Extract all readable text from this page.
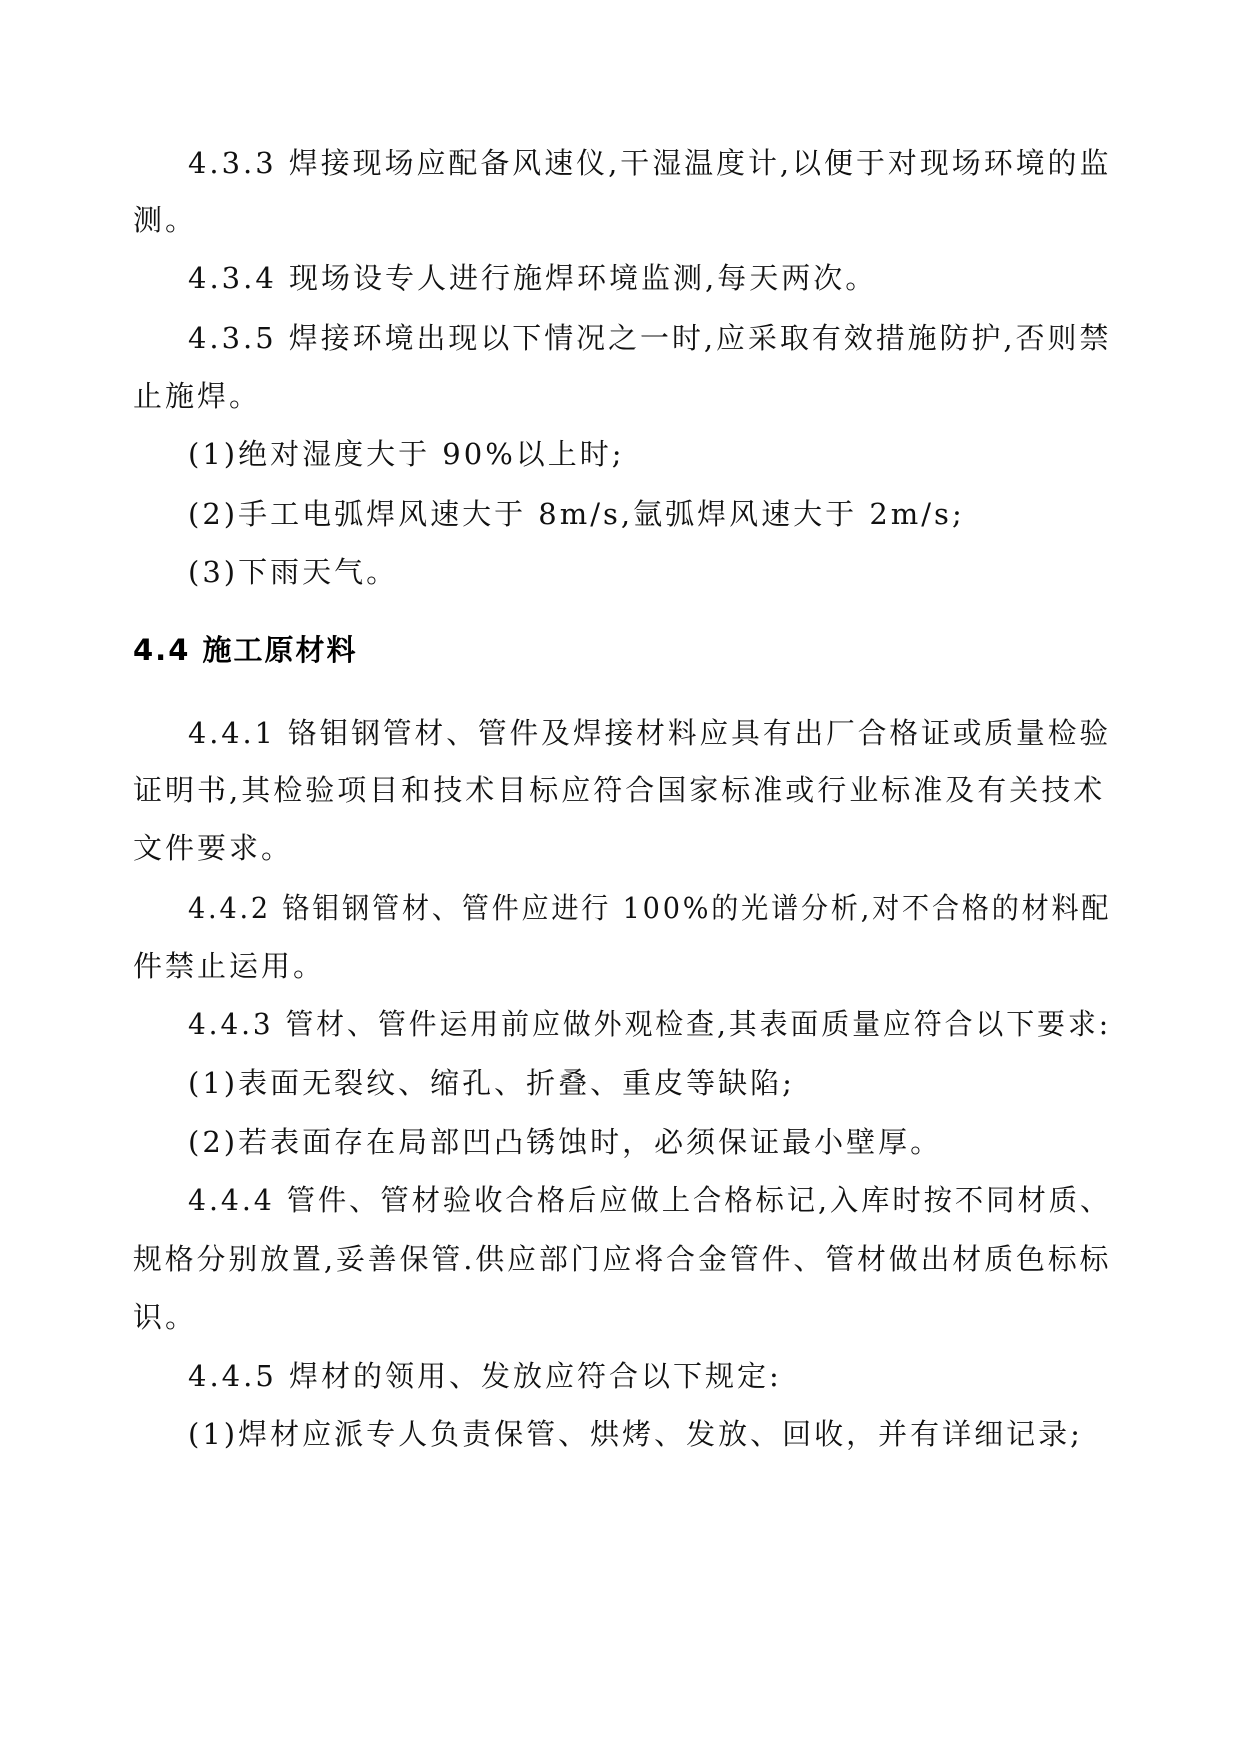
4.3.3 焊接现场应配备风速仪,干湿温度计,以便于对现场环境的监
测。
4.3.4 现场设专人进行施焊环境监测,每天两次。
4.3.5 焊接环境出现以下情况之一时,应采取有效措施防护,否则禁
止施焊。
(1)绝对湿度大于 90%以上时;
(2)手工电弧焊风速大于 8m/s,氩弧焊风速大于 2m/s;
(3)下雨天气。
4.4 施工原材料
4.4.1 铬钼钢管材、管件及焊接材料应具有出厂合格证或质量检验
证明书,其检验项目和技术目标应符合国家标准或行业标准及有关技术
文件要求。
4.4.2 铬钼钢管材、管件应进行 100%的光谱分析,对不合格的材料配
件禁止运用。
4.4.3 管材、管件运用前应做外观检查,其表面质量应符合以下要求:
(1)表面无裂纹、缩孔、折叠、重皮等缺陷;
(2)若表面存在局部凹凸锈蚀时，必须保证最小壁厚。
4.4.4 管件、管材验收合格后应做上合格标记,入库时按不同材质、
规格分别放置,妥善保管.供应部门应将合金管件、管材做出材质色标标
识。
4.4.5 焊材的领用、发放应符合以下规定:
(1)焊材应派专人负责保管、烘烤、发放、回收，并有详细记录;
